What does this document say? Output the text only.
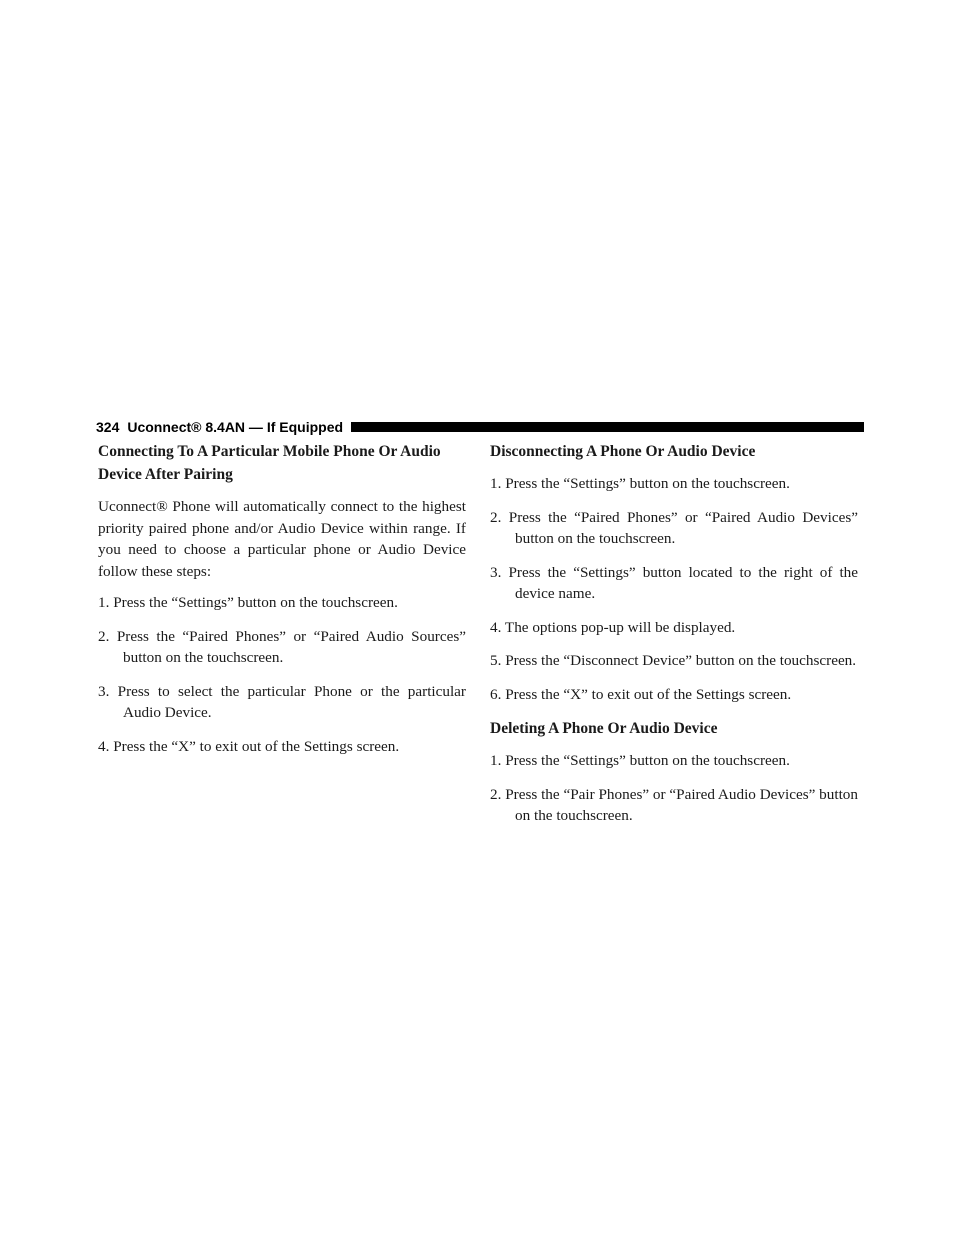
324 Uconnect® 8.4AN — If Equipped
Connecting To A Particular Mobile Phone Or Audio Device After Pairing

Uconnect® Phone will automatically connect to the highest priority paired phone and/or Audio Device within range. If you need to choose a particular phone or Audio Device follow these steps:

1. Press the “Settings” button on the touchscreen.
2. Press the “Paired Phones” or “Paired Audio Sources” button on the touchscreen.
3. Press to select the particular Phone or the particular Audio Device.
4. Press the “X” to exit out of the Settings screen.
Disconnecting A Phone Or Audio Device
1. Press the “Settings” button on the touchscreen.
2. Press the “Paired Phones” or “Paired Audio Devices” button on the touchscreen.
3. Press the “Settings” button located to the right of the device name.
4. The options pop-up will be displayed.
5. Press the “Disconnect Device” button on the touchscreen.
6. Press the “X” to exit out of the Settings screen.
Deleting A Phone Or Audio Device
1. Press the “Settings” button on the touchscreen.
2. Press the “Pair Phones” or “Paired Audio Devices” button on the touchscreen.
